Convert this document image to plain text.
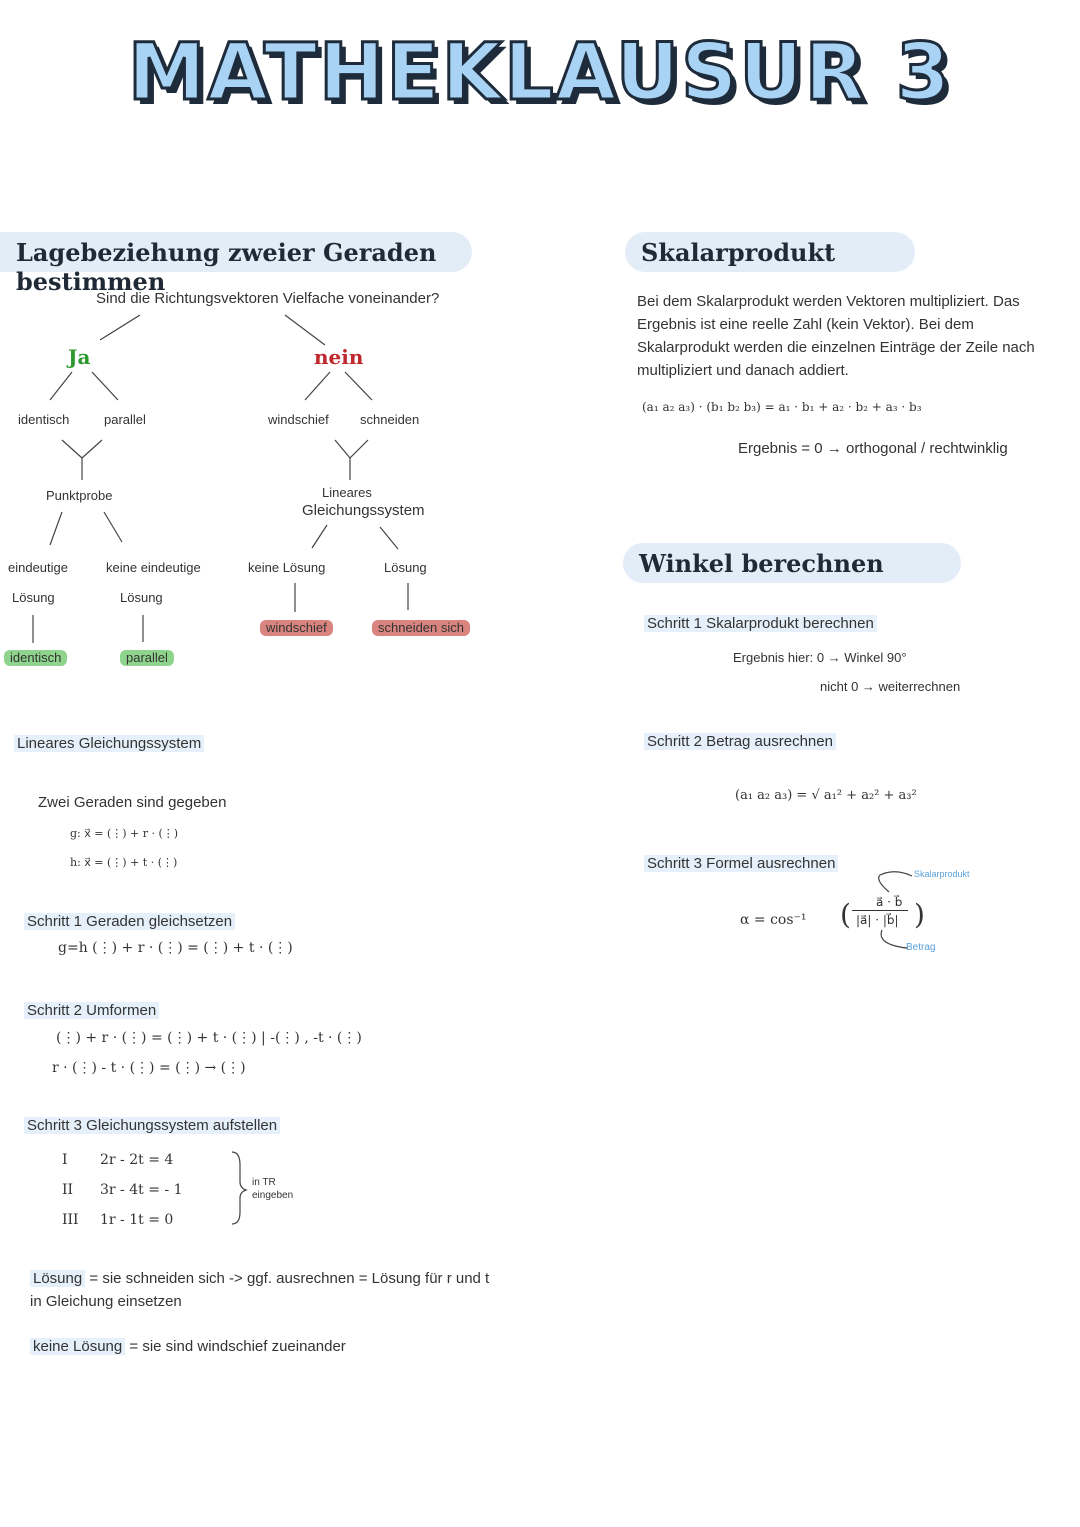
MATHEKLAUSUR 3
Lagebeziehung zweier Geraden bestimmen
Sind die Richtungsvektoren Vielfache voneinander?
Ja	nein
identisch	parallel	windschief schneiden
Punktprobe	Lineares
Gleichungssystem
eindeutige
Lösung
keine eindeutige
Lösung
keine Lösung	Lösung
identisch	parallel
windschief	schneiden sich
Lineares Gleichungssystem
Zwei Geraden sind gegeben
g: x⃗ = (⋮) + r · (⋮)
h: x⃗ = (⋮) + t · (⋮)
Schritt 1 Geraden gleichsetzen
g=h (⋮) + r · (⋮) = (⋮) + t · (⋮)
Schritt 2 Umformen
(⋮) + r · (⋮) = (⋮) + t · (⋮) | -(⋮) , -t · (⋮)
r · (⋮) - t · (⋮) = (⋮) → (⋮)
Schritt 3 Gleichungssystem aufstellen
I 2r - 2t = 4
II 3r - 4t = - 1
III 1r - 1t = 0
in TR
eingeben
Lösung = sie schneiden sich -> ggf. ausrechnen = Lösung für r und t
in Gleichung einsetzen
keine Lösung = sie sind windschief zueinander
Skalarprodukt
Bei dem Skalarprodukt werden Vektoren multipliziert. Das Ergebnis ist eine reelle Zahl (kein Vektor). Bei dem Skalarprodukt werden die einzelnen Einträge der Zeile nach multipliziert und danach addiert.
(a₁ a₂ a₃) · (b₁ b₂ b₃) = a₁ · b₁ + a₂ · b₂ + a₃ · b₃
Ergebnis = 0 → orthogonal / rechtwinklig
Winkel berechnen
Schritt 1 Skalarprodukt berechnen
Ergebnis hier: 0 → Winkel 90°
nicht 0 → weiterrechnen
Schritt 2 Betrag ausrechnen
(a₁ a₂ a₃) = √ a₁² + a₂² + a₃²
Schritt 3 Formel ausrechnen
α = cos⁻¹
a⃗ · b⃗
|a⃗| · |b⃗|
( )
Skalarprodukt
Betrag
